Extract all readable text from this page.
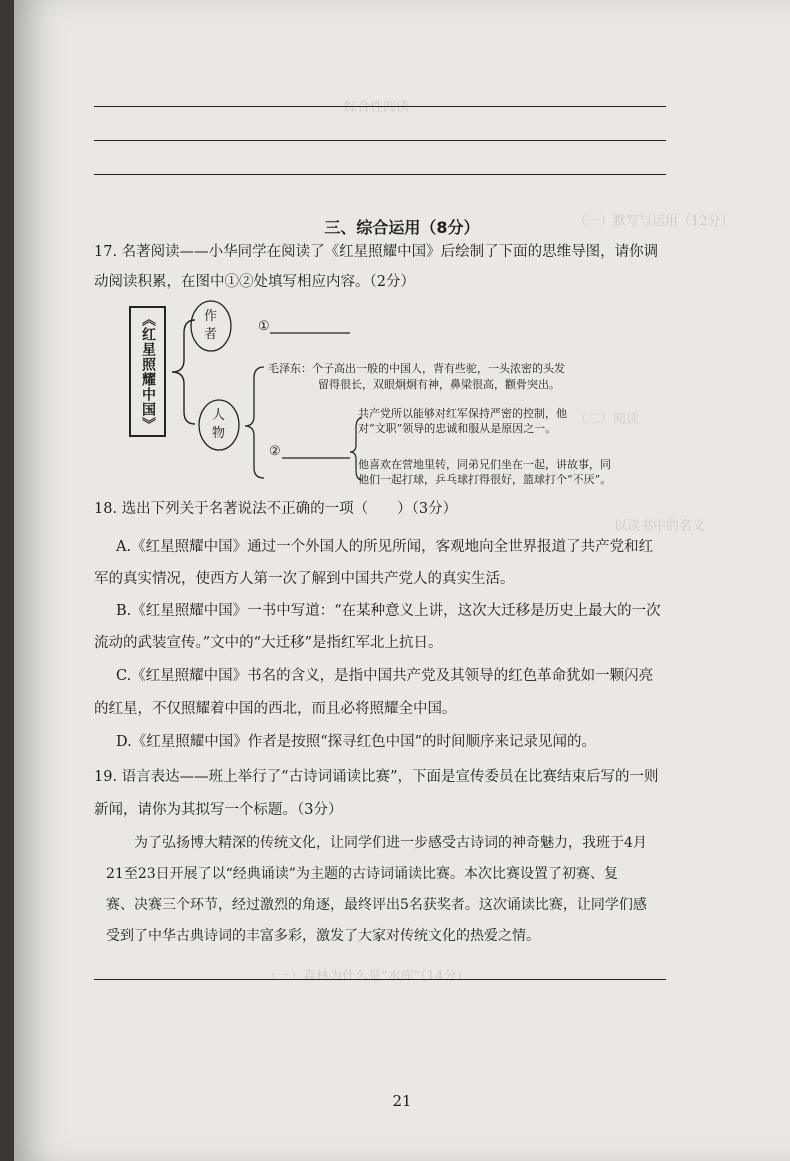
综合性阅读
（一）默写与运用（12分）
（二）阅读
以读书中的名义
（一）森林为什么是“水库”（14分）
三、综合运用（8分）

17. 名著阅读——小华同学在阅读了《红星照耀中国》后绘制了下面的思维导图，请你调

动阅读积累，在图中①②处填写相应内容。（2分）

《红星照耀中国》	作者
人物
①
②
毛泽东：个子高出一般的中国人，背有些驼，一头浓密的头发
留得很长，双眼炯炯有神，鼻梁很高，颧骨突出。
共产党所以能够对红军保持严密的控制，他
对“文职”领导的忠诚和服从是原因之一。
他喜欢在营地里转，同弟兄们坐在一起，讲故事，同
他们一起打球，乒乓球打得很好，篮球打个“不厌”。

18. 选出下列关于名著说法不正确的一项（　　）（3分）

A.《红星照耀中国》通过一个外国人的所见所闻，客观地向全世界报道了共产党和红

军的真实情况，使西方人第一次了解到中国共产党人的真实生活。

B.《红星照耀中国》一书中写道：“在某种意义上讲，这次大迁移是历史上最大的一次

流动的武装宣传。”文中的“大迁移”是指红军北上抗日。

C.《红星照耀中国》书名的含义，是指中国共产党及其领导的红色革命犹如一颗闪亮

的红星，不仅照耀着中国的西北，而且必将照耀全中国。

D.《红星照耀中国》作者是按照“探寻红色中国”的时间顺序来记录见闻的。

19. 语言表达——班上举行了“古诗词诵读比赛”，下面是宣传委员在比赛结束后写的一则

新闻，请你为其拟写一个标题。（3分）

为了弘扬博大精深的传统文化，让同学们进一步感受古诗词的神奇魅力，我班于4月

21至23日开展了以“经典诵读”为主题的古诗词诵读比赛。本次比赛设置了初赛、复

赛、决赛三个环节，经过激烈的角逐，最终评出5名获奖者。这次诵读比赛，让同学们感

受到了中华古典诗词的丰富多彩，激发了大家对传统文化的热爱之情。

21
